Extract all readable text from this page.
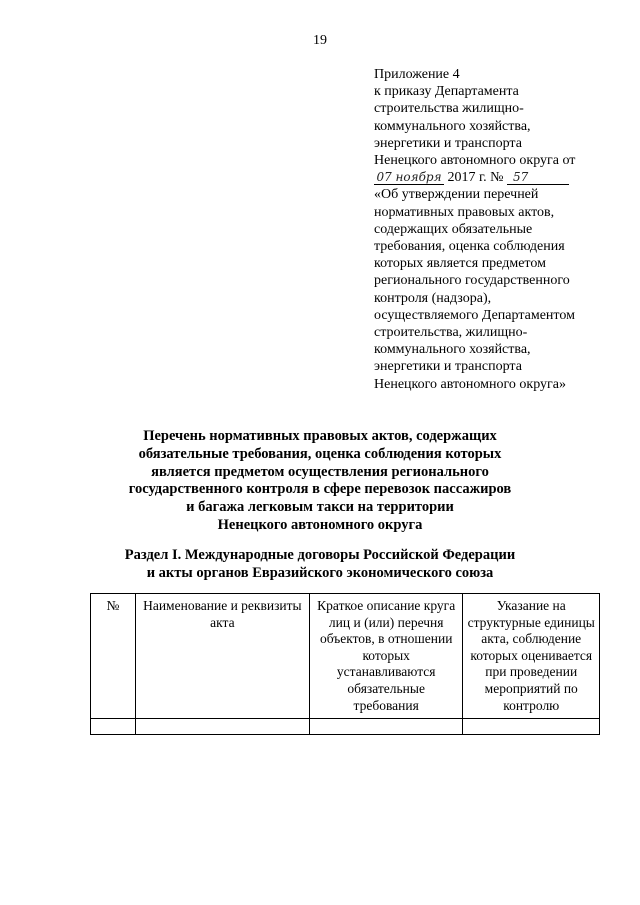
19
Приложение 4
к приказу Департамента
строительства жилищно-
коммунального хозяйства,
энергетики и транспорта
Ненецкого автономного округа от
07 ноября 2017 г. № 57
«Об утверждении перечней
нормативных правовых актов,
содержащих обязательные
требования, оценка соблюдения
которых является предметом
регионального государственного
контроля (надзора),
осуществляемого Департаментом
строительства, жилищно-
коммунального хозяйства,
энергетики и транспорта
Ненецкого автономного округа»
Перечень нормативных правовых актов, содержащих
обязательные требования, оценка соблюдения которых
является предметом осуществления регионального
государственного контроля в сфере перевозок пассажиров
и багажа легковым такси на территории
Ненецкого автономного округа
Раздел I. Международные договоры Российской Федерации
и акты органов Евразийского экономического союза
№	Наименование и реквизиты акта	Краткое описание круга лиц и (или) перечня объектов, в отношении которых устанавливаются обязательные требования	Указание на структурные единицы акта, соблюдение которых оценивается при проведении мероприятий по контролю
